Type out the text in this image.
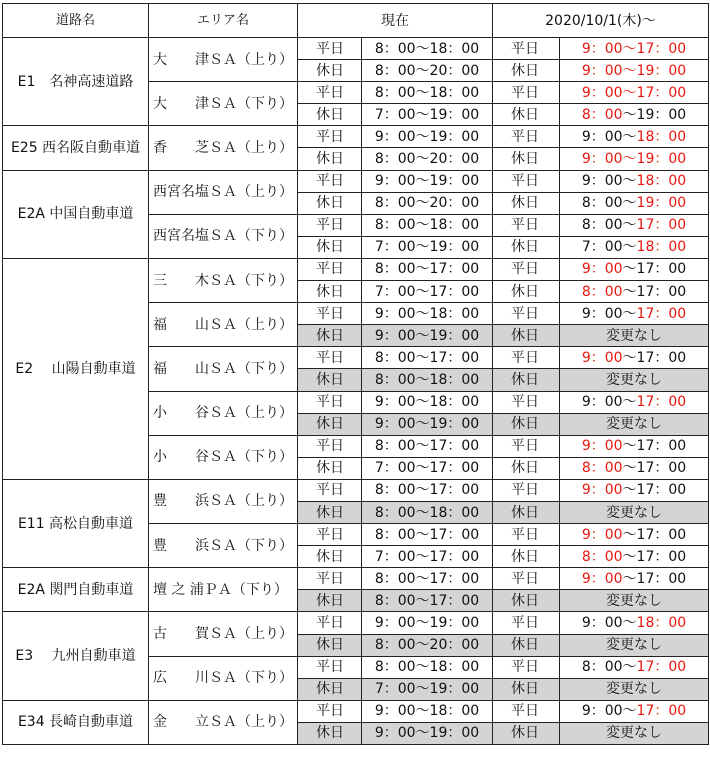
道路名	エリア名	現在		2020/10/1(木)～	
E1　名神高速道路	大　　津ＳＡ（上り）	平日	8：00～18：00	平日	9：00～17：00
		休日	8：00～20：00	休日	9：00～19：00
	大　　津ＳＡ（下り）	平日	8：00～18：00	平日	9：00～17：00
		休日	7：00～19：00	休日	8：00～19：00
E25 西名阪自動車道	香　　芝ＳＡ（上り）	平日	9：00～19：00	平日	9：00～18：00
		休日	8：00～20：00	休日	9：00～19：00
E2A 中国自動車道	西宮名塩ＳＡ（上り）	平日	9：00～19：00	平日	9：00～18：00
		休日	8：00～20：00	休日	8：00～19：00
	西宮名塩ＳＡ（下り）	平日	8：00～18：00	平日	8：00～17：00
		休日	7：00～19：00	休日	7：00～18：00
E2　 山陽自動車道	三　　木ＳＡ（下り）	平日	8：00～17：00	平日	9：00～17：00
		休日	7：00～17：00	休日	8：00～17：00
	福　　山ＳＡ（上り）	平日	9：00～18：00	平日	9：00～17：00
		休日	9：00～19：00	休日	変更なし
	福　　山ＳＡ（下り）	平日	8：00～17：00	平日	9：00～17：00
		休日	8：00～18：00	休日	変更なし
	小　　谷ＳＡ（上り）	平日	9：00～18：00	平日	9：00～17：00
		休日	9：00～19：00	休日	変更なし
	小　　谷ＳＡ（下り）	平日	8：00～17：00	平日	9：00～17：00
		休日	7：00～17：00	休日	8：00～17：00
E11 高松自動車道	豊　　浜ＳＡ（上り）	平日	8：00～17：00	平日	9：00～17：00
		休日	8：00～18：00	休日	変更なし
	豊　　浜ＳＡ（下り）	平日	8：00～17：00	平日	9：00～17：00
		休日	7：00～17：00	休日	8：00～17：00
E2A 関門自動車道	壇 之 浦ＰＡ（下り）	平日	8：00～17：00	平日	9：00～17：00
		休日	8：00～17：00	休日	変更なし
E3　 九州自動車道	古　　賀ＳＡ（上り）	平日	9：00～19：00	平日	9：00～18：00
		休日	8：00～20：00	休日	変更なし
	広　　川ＳＡ（下り）	平日	8：00～18：00	平日	8：00～17：00
		休日	7：00～19：00	休日	変更なし
E34 長崎自動車道	金　　立ＳＡ（上り）	平日	9：00～18：00	平日	9：00～17：00
		休日	9：00～19：00	休日	変更なし
